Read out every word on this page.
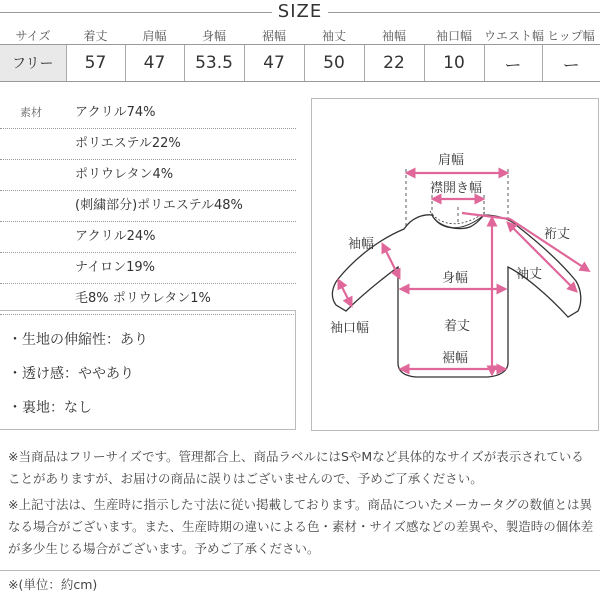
SIZE
サイズ	着丈	肩幅	身幅	裾幅	袖丈	袖幅	袖口幅	ウエスト幅	ヒップ幅
フリー	57	47	53.5	47	50	22	10	ー	ー
素材	アクリル74%
ポリエステル22%
ポリウレタン4%
(刺繍部分)ポリエステル48%
アクリル24%
ナイロン19%
毛8% ポリウレタン1%
・生地の伸縮性：あり
・透け感：ややあり
・裏地：なし
肩幅
襟開き幅
袖幅
裄丈
袖丈
身幅
袖口幅	着丈
裾幅

※当商品はフリーサイズです。管理都合上、商品ラベルにはSやMなど具体的なサイズが表示されていることがありますが、お届けの商品に誤りはございませんので、予めご了承ください。

※上記寸法は、生産時に指示した寸法に従い掲載しております。商品についたメーカータグの数値とは異なる場合がございます。また、生産時期の違いによる色・素材・サイズ感などの差異や、製造時の個体差が多少生じる場合がございます。予めご了承ください。

※(単位：約cm)
